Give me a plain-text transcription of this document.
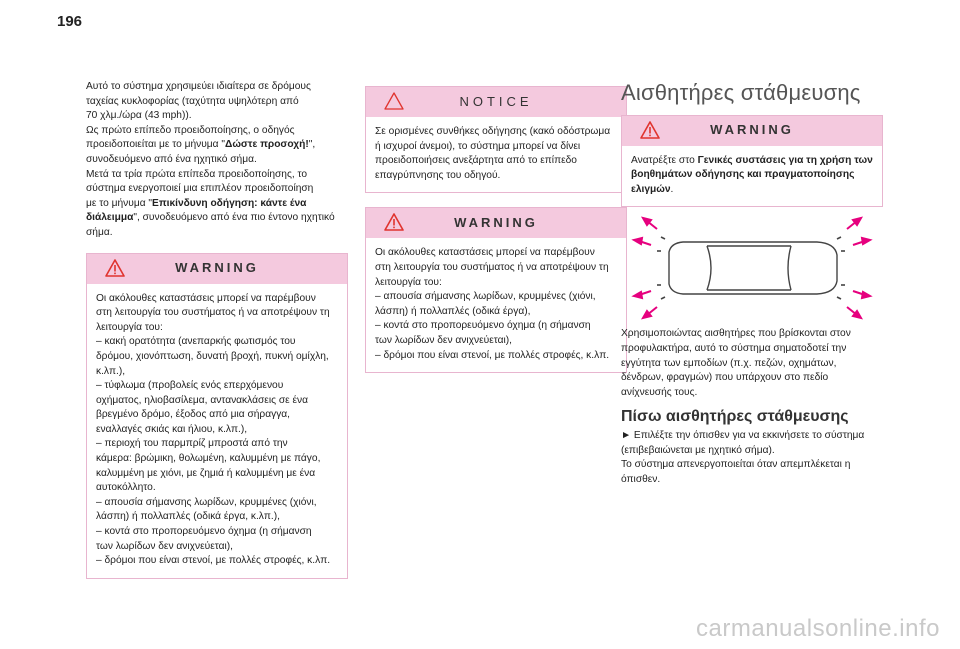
196

Αυτό το σύστημα χρησιμεύει ιδιαίτερα σε δρόμους
ταχείας κυκλοφορίας (ταχύτητα υψηλότερη από
70 χλμ./ώρα (43 mph)).

Ως πρώτο επίπεδο προειδοποίησης, ο οδηγός
προειδοποιείται με το μήνυμα "Δώστε προσοχή!",
συνοδευόμενο από ένα ηχητικό σήμα.

Μετά τα τρία πρώτα επίπεδα προειδοποίησης, το
σύστημα ενεργοποιεί μια επιπλέον προειδοποίηση
με το μήνυμα "Επικίνδυνη οδήγηση: κάντε ένα
διάλειμμα", συνοδευόμενο από ένα πιο έντονο ηχητικό
σήμα.

WARNING
Οι ακόλουθες καταστάσεις μπορεί να παρέμβουν
στη λειτουργία του συστήματος ή να αποτρέψουν τη
λειτουργία του:
– κακή ορατότητα (ανεπαρκής φωτισμός του
δρόμου, χιονόπτωση, δυνατή βροχή, πυκνή ομίχλη,
κ.λπ.),
– τύφλωμα (προβολείς ενός επερχόμενου
οχήματος, ηλιοβασίλεμα, αντανακλάσεις σε ένα
βρεγμένο δρόμο, έξοδος από μια σήραγγα,
εναλλαγές σκιάς και ήλιου, κ.λπ.),
– περιοχή του παρμπρίζ μπροστά από την
κάμερα: βρώμικη, θολωμένη, καλυμμένη με πάγο,
καλυμμένη με χιόνι, με ζημιά ή καλυμμένη με ένα
αυτοκόλλητο.
– απουσία σήμανσης λωρίδων, κρυμμένες (χιόνι,
λάσπη) ή πολλαπλές (οδικά έργα, κ.λπ.),
– κοντά στο προπορευόμενο όχημα (η σήμανση
των λωρίδων δεν ανιχνεύεται),
– δρόμοι που είναι στενοί, με πολλές στροφές, κ.λπ.
NOTICE
Σε ορισμένες συνθήκες οδήγησης (κακό οδόστρωμα
ή ισχυροί άνεμοι), το σύστημα μπορεί να δίνει
προειδοποιήσεις ανεξάρτητα από το επίπεδο
επαγρύπνησης του οδηγού.
WARNING
Οι ακόλουθες καταστάσεις μπορεί να παρέμβουν
στη λειτουργία του συστήματος ή να αποτρέψουν τη
λειτουργία του:
– απουσία σήμανσης λωρίδων, κρυμμένες (χιόνι,
λάσπη) ή πολλαπλές (οδικά έργα),
– κοντά στο προπορευόμενο όχημα (η σήμανση
των λωρίδων δεν ανιχνεύεται),
– δρόμοι που είναι στενοί, με πολλές στροφές, κ.λπ.
Αισθητήρες στάθμευσης
WARNING

Ανατρέξτε στο Γενικές συστάσεις για τη χρήση των βοηθημάτων οδήγησης και πραγματοποίησης ελιγμών.

Χρησιμοποιώντας αισθητήρες που βρίσκονται στον
προφυλακτήρα, αυτό το σύστημα σηματοδοτεί την
εγγύτητα των εμποδίων (π.χ. πεζών, οχημάτων,
δένδρων, φραγμών) που υπάρχουν στο πεδίο
ανίχνευσής τους.

Πίσω αισθητήρες στάθμευσης

► Επιλέξτε την όπισθεν για να εκκινήσετε το σύστημα
(επιβεβαιώνεται με ηχητικό σήμα).
Το σύστημα απενεργοποιείται όταν απεμπλέκεται η
όπισθεν.

carmanualsonline.info
